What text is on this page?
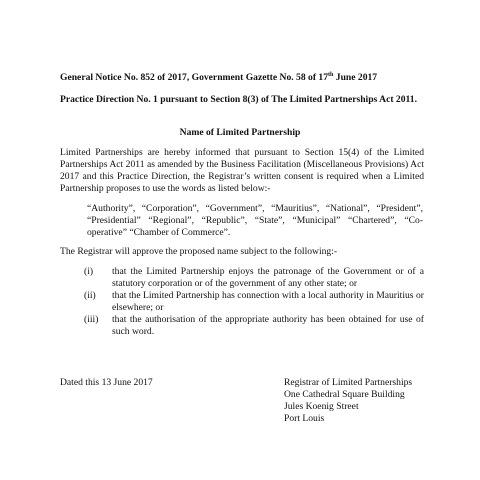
General Notice No. 852 of 2017, Government Gazette No. 58 of 17th June 2017
Practice Direction No. 1 pursuant to Section 8(3) of The Limited Partnerships Act 2011.
Name of Limited Partnership
Limited Partnerships are hereby informed that pursuant to Section 15(4) of the Limited
Partnerships Act 2011 as amended by the Business Facilitation (Miscellaneous Provisions) Act
2017 and this Practice Direction, the Registrar’s written consent is required when a Limited
Partnership proposes to use the words as listed below:-
“Authority”, “Corporation”, “Government”, “Mauritius”, “National”, “President”,
“Presidential” “Regional”, “Republic”, “State”, “Municipal” “Chartered”, “Co-
operative” “Chamber of Commerce”.
The Registrar will approve the proposed name subject to the following:-
(i) that the Limited Partnership enjoys the patronage of the Government or of a
statutory corporation or of the government of any other state; or
(ii) that the Limited Partnership has connection with a local authority in Mauritius or
elsewhere; or
(iii) that the authorisation of the appropriate authority has been obtained for use of
such word.
Dated this 13 June 2017	Registrar of Limited Partnerships
One Cathedral Square Building
Jules Koenig Street
Port Louis
